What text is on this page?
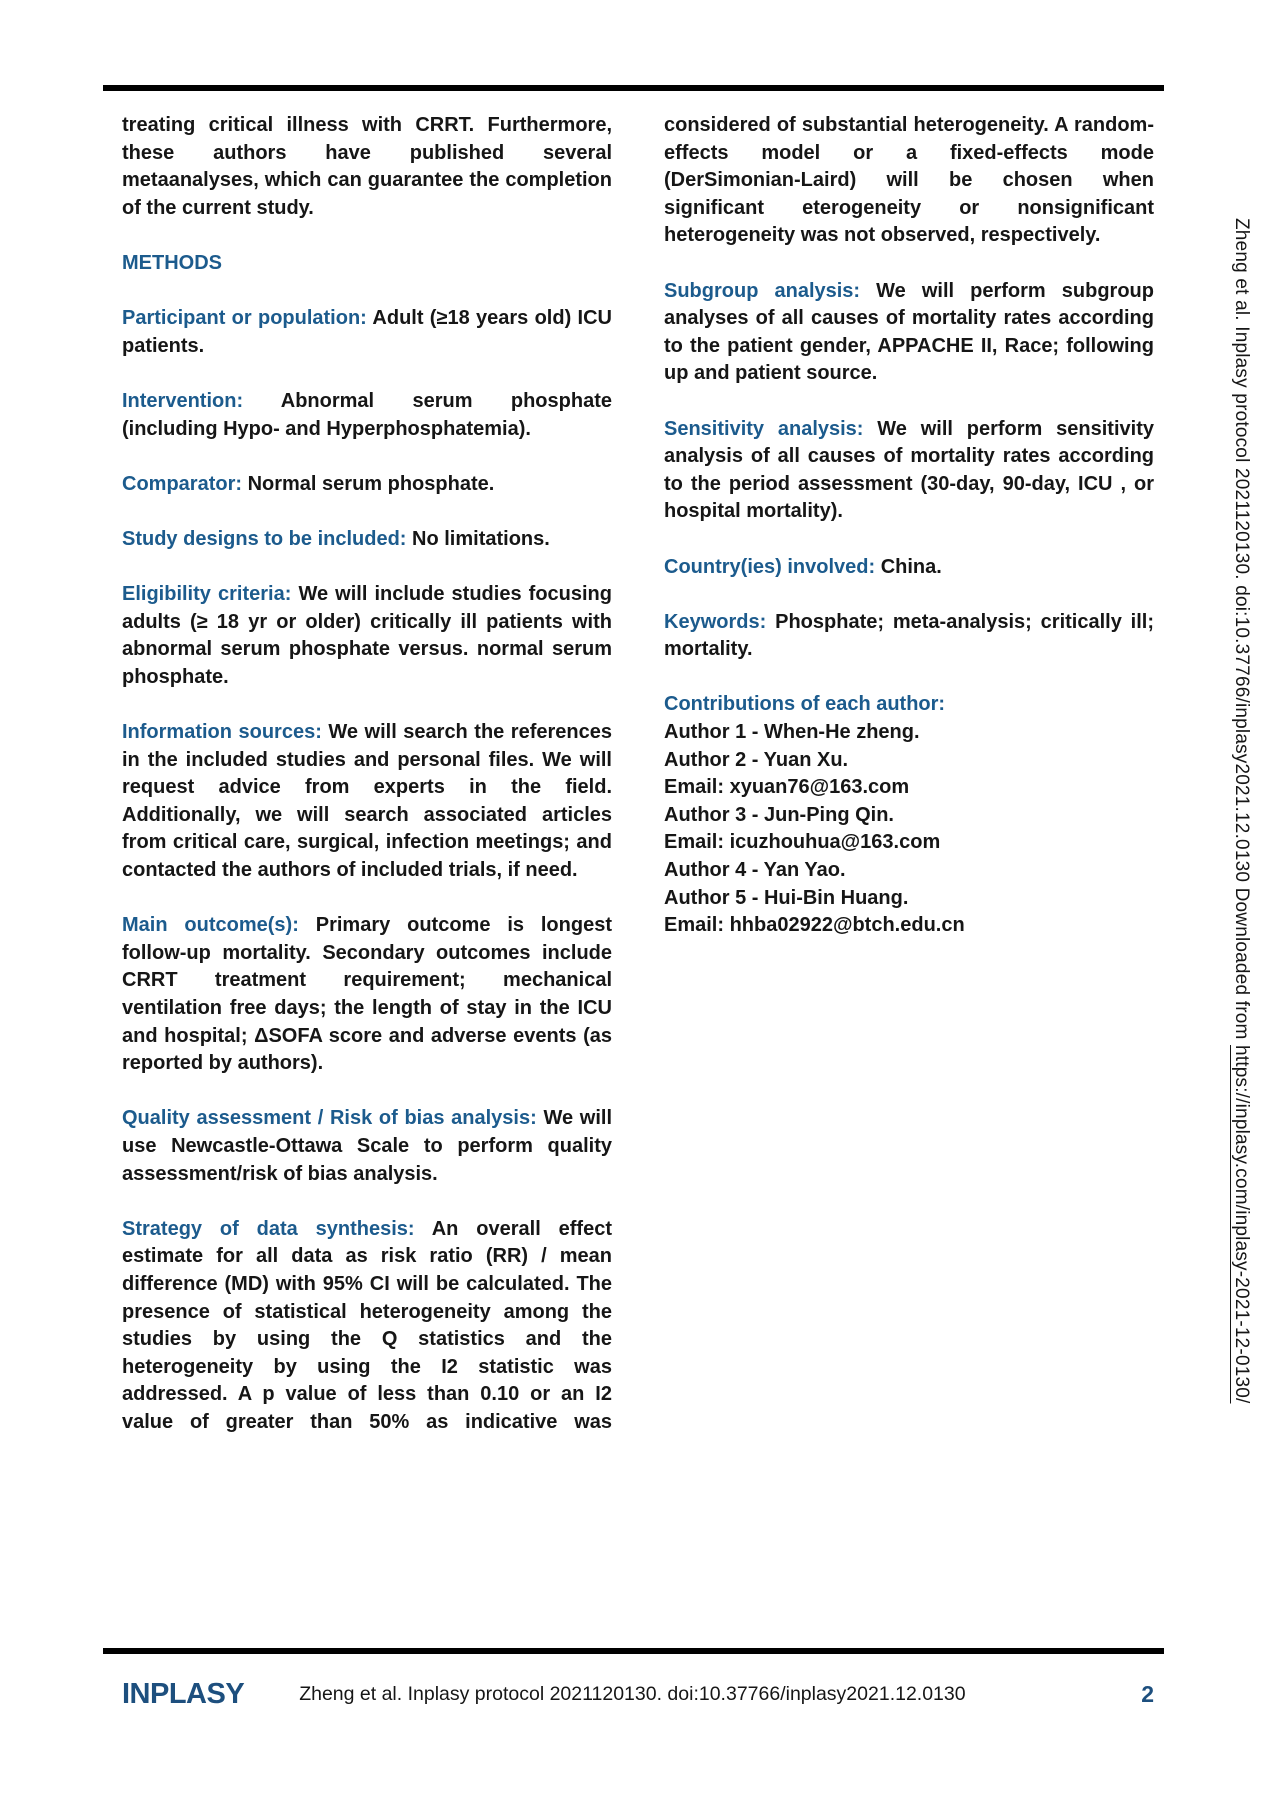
treating critical illness with CRRT. Furthermore, these authors have published several metaanalyses, which can guarantee the completion of the current study.

METHODS

Participant or population: Adult (≥18 years old) ICU patients.

Intervention: Abnormal serum phosphate (including Hypo- and Hyperphosphatemia).

Comparator: Normal serum phosphate.

Study designs to be included: No limitations.

Eligibility criteria: We will include studies focusing adults (≥ 18 yr or older) critically ill patients with abnormal serum phosphate versus. normal serum phosphate.

Information sources: We will search the references in the included studies and personal files. We will request advice from experts in the field. Additionally, we will search associated articles from critical care, surgical, infection meetings; and contacted the authors of included trials, if need.

Main outcome(s): Primary outcome is longest follow-up mortality. Secondary outcomes include CRRT treatment requirement; mechanical ventilation free days; the length of stay in the ICU and hospital; ΔSOFA score and adverse events (as reported by authors).

Quality assessment / Risk of bias analysis: We will use Newcastle-Ottawa Scale to perform quality assessment/risk of bias analysis.

Strategy of data synthesis: An overall effect estimate for all data as risk ratio (RR) / mean difference (MD) with 95% CI will be calculated. The presence of statistical heterogeneity among the studies by using the Q statistics and the heterogeneity by using the I2 statistic was addressed. A p value of less than 0.10 or an I2 value of greater than 50% as indicative was

considered of substantial heterogeneity. A random-effects model or a fixed-effects mode (DerSimonian-Laird) will be chosen when significant eterogeneity or nonsignificant heterogeneity was not observed, respectively.

Subgroup analysis: We will perform subgroup analyses of all causes of mortality rates according to the patient gender, APPACHE II, Race; following up and patient source.

Sensitivity analysis: We will perform sensitivity analysis of all causes of mortality rates according to the period assessment (30-day, 90-day, ICU , or hospital mortality).

Country(ies) involved: China.

Keywords: Phosphate; meta-analysis; critically ill; mortality.

Contributions of each author:
Author 1 - When-He zheng.
Author 2 - Yuan Xu.
Email: xyuan76@163.com
Author 3 - Jun-Ping Qin.
Email: icuzhouhua@163.com
Author 4 - Yan Yao.
Author 5 - Hui-Bin Huang.
Email: hhba02922@btch.edu.cn	Zheng et al. Inplasy protocol 2021120130. doi:10.37766/inplasy2021.12.0130 Downloaded from https://inplasy.com/inplasy-2021-12-0130/
INPLASY	Zheng et al. Inplasy protocol 2021120130. doi:10.37766/inplasy2021.12.0130	2
